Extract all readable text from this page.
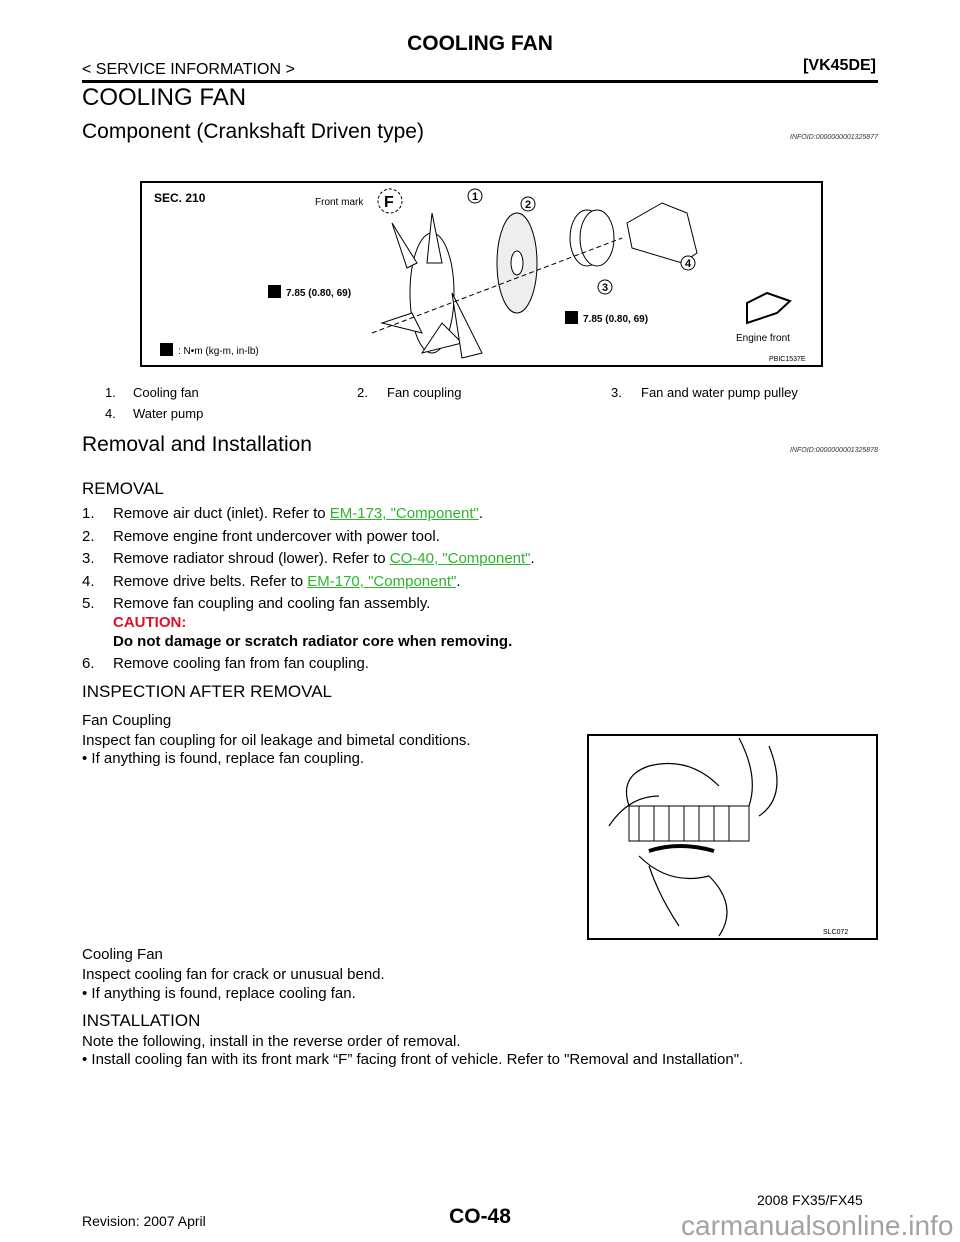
COOLING FAN
< SERVICE INFORMATION >	[VK45DE]
COOLING FAN
Component (Crankshaft Driven type)	INFOID:0000000001325877
SEC. 210	Front mark F	1
2
3
4
7.85 (0.80, 69)
7.85 (0.80, 69)
: N•m (kg-m, in-lb)
Engine front
PBIC1537E
1. Cooling fan	2. Fan coupling	3. Fan and water pump pulley
4. Water pump
Removal and Installation	INFOID:0000000001325878
REMOVAL
1. Remove air duct (inlet). Refer to EM-173, "Component".
2. Remove engine front undercover with power tool.
3. Remove radiator shroud (lower). Refer to CO-40, "Component".
4. Remove drive belts. Refer to EM-170, "Component".
5. Remove fan coupling and cooling fan assembly.
CAUTION:
Do not damage or scratch radiator core when removing.
6. Remove cooling fan from fan coupling.
INSPECTION AFTER REMOVAL
Fan Coupling
Inspect fan coupling for oil leakage and bimetal conditions.
• If anything is found, replace fan coupling.
SLC072
Cooling Fan
Inspect cooling fan for crack or unusual bend.
• If anything is found, replace cooling fan.
INSTALLATION
Note the following, install in the reverse order of removal.
• Install cooling fan with its front mark “F” facing front of vehicle. Refer to "Removal and Installation".
Revision: 2007 April	CO-48
2008 FX35/FX45
carmanualsonline.info
